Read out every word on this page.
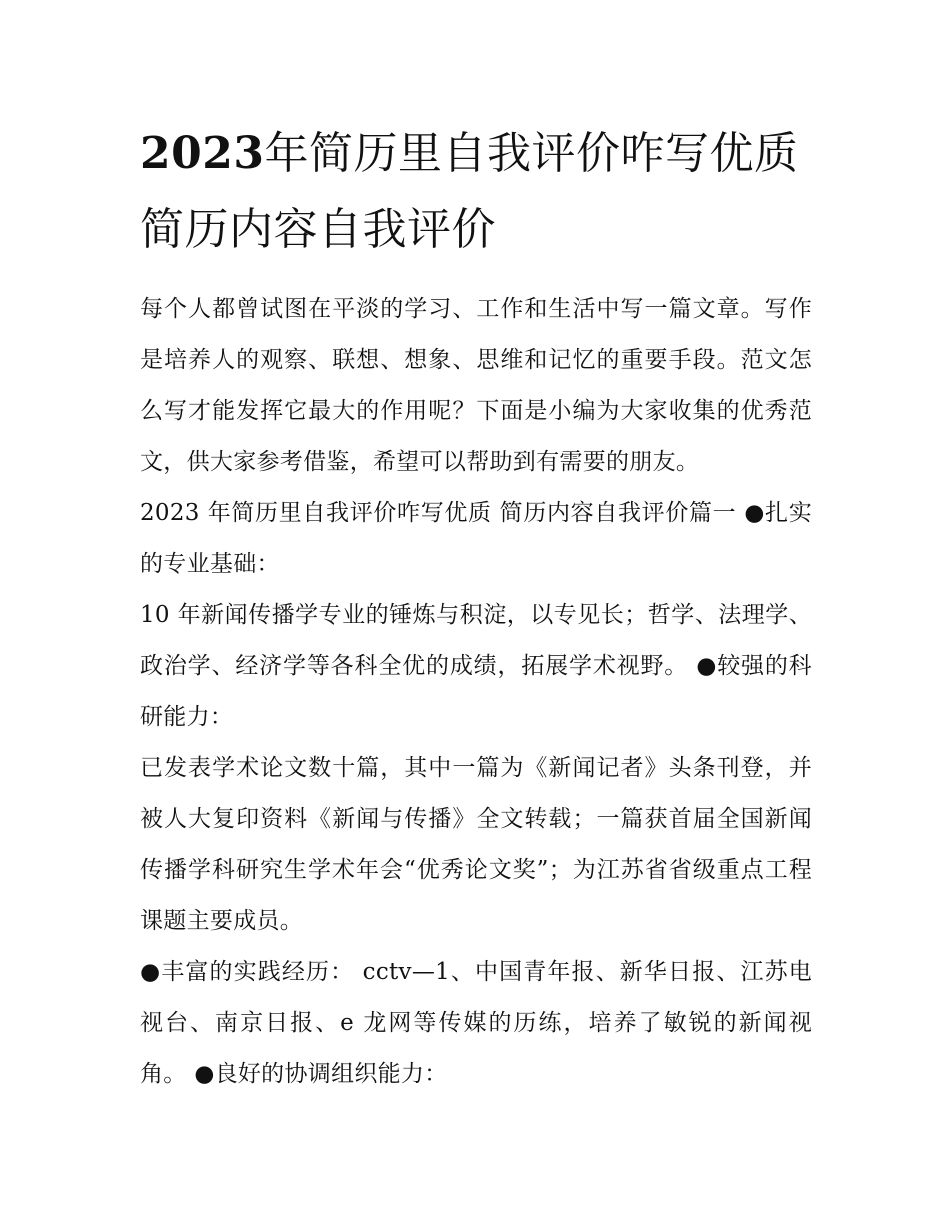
2023年简历里自我评价咋写优质 简历内容自我评价

每个人都曾试图在平淡的学习、工作和生活中写一篇文章。写作是培养人的观察、联想、想象、思维和记忆的重要手段。范文怎么写才能发挥它最大的作用呢？下面是小编为大家收集的优秀范文，供大家参考借鉴，希望可以帮助到有需要的朋友。

2023 年简历里自我评价咋写优质 简历内容自我评价篇一 ●扎实的专业基础：

10 年新闻传播学专业的锤炼与积淀，以专见长；哲学、法理学、政治学、经济学等各科全优的成绩，拓展学术视野。 ●较强的科研能力：

已发表学术论文数十篇，其中一篇为《新闻记者》头条刊登，并被人大复印资料《新闻与传播》全文转载；一篇获首届全国新闻传播学科研究生学术年会“优秀论文奖”；为江苏省省级重点工程课题主要成员。

●丰富的实践经历： cctv—1、中国青年报、新华日报、江苏电视台、南京日报、e 龙网等传媒的历练，培养了敏锐的新闻视角。 ●良好的协调组织能力：
